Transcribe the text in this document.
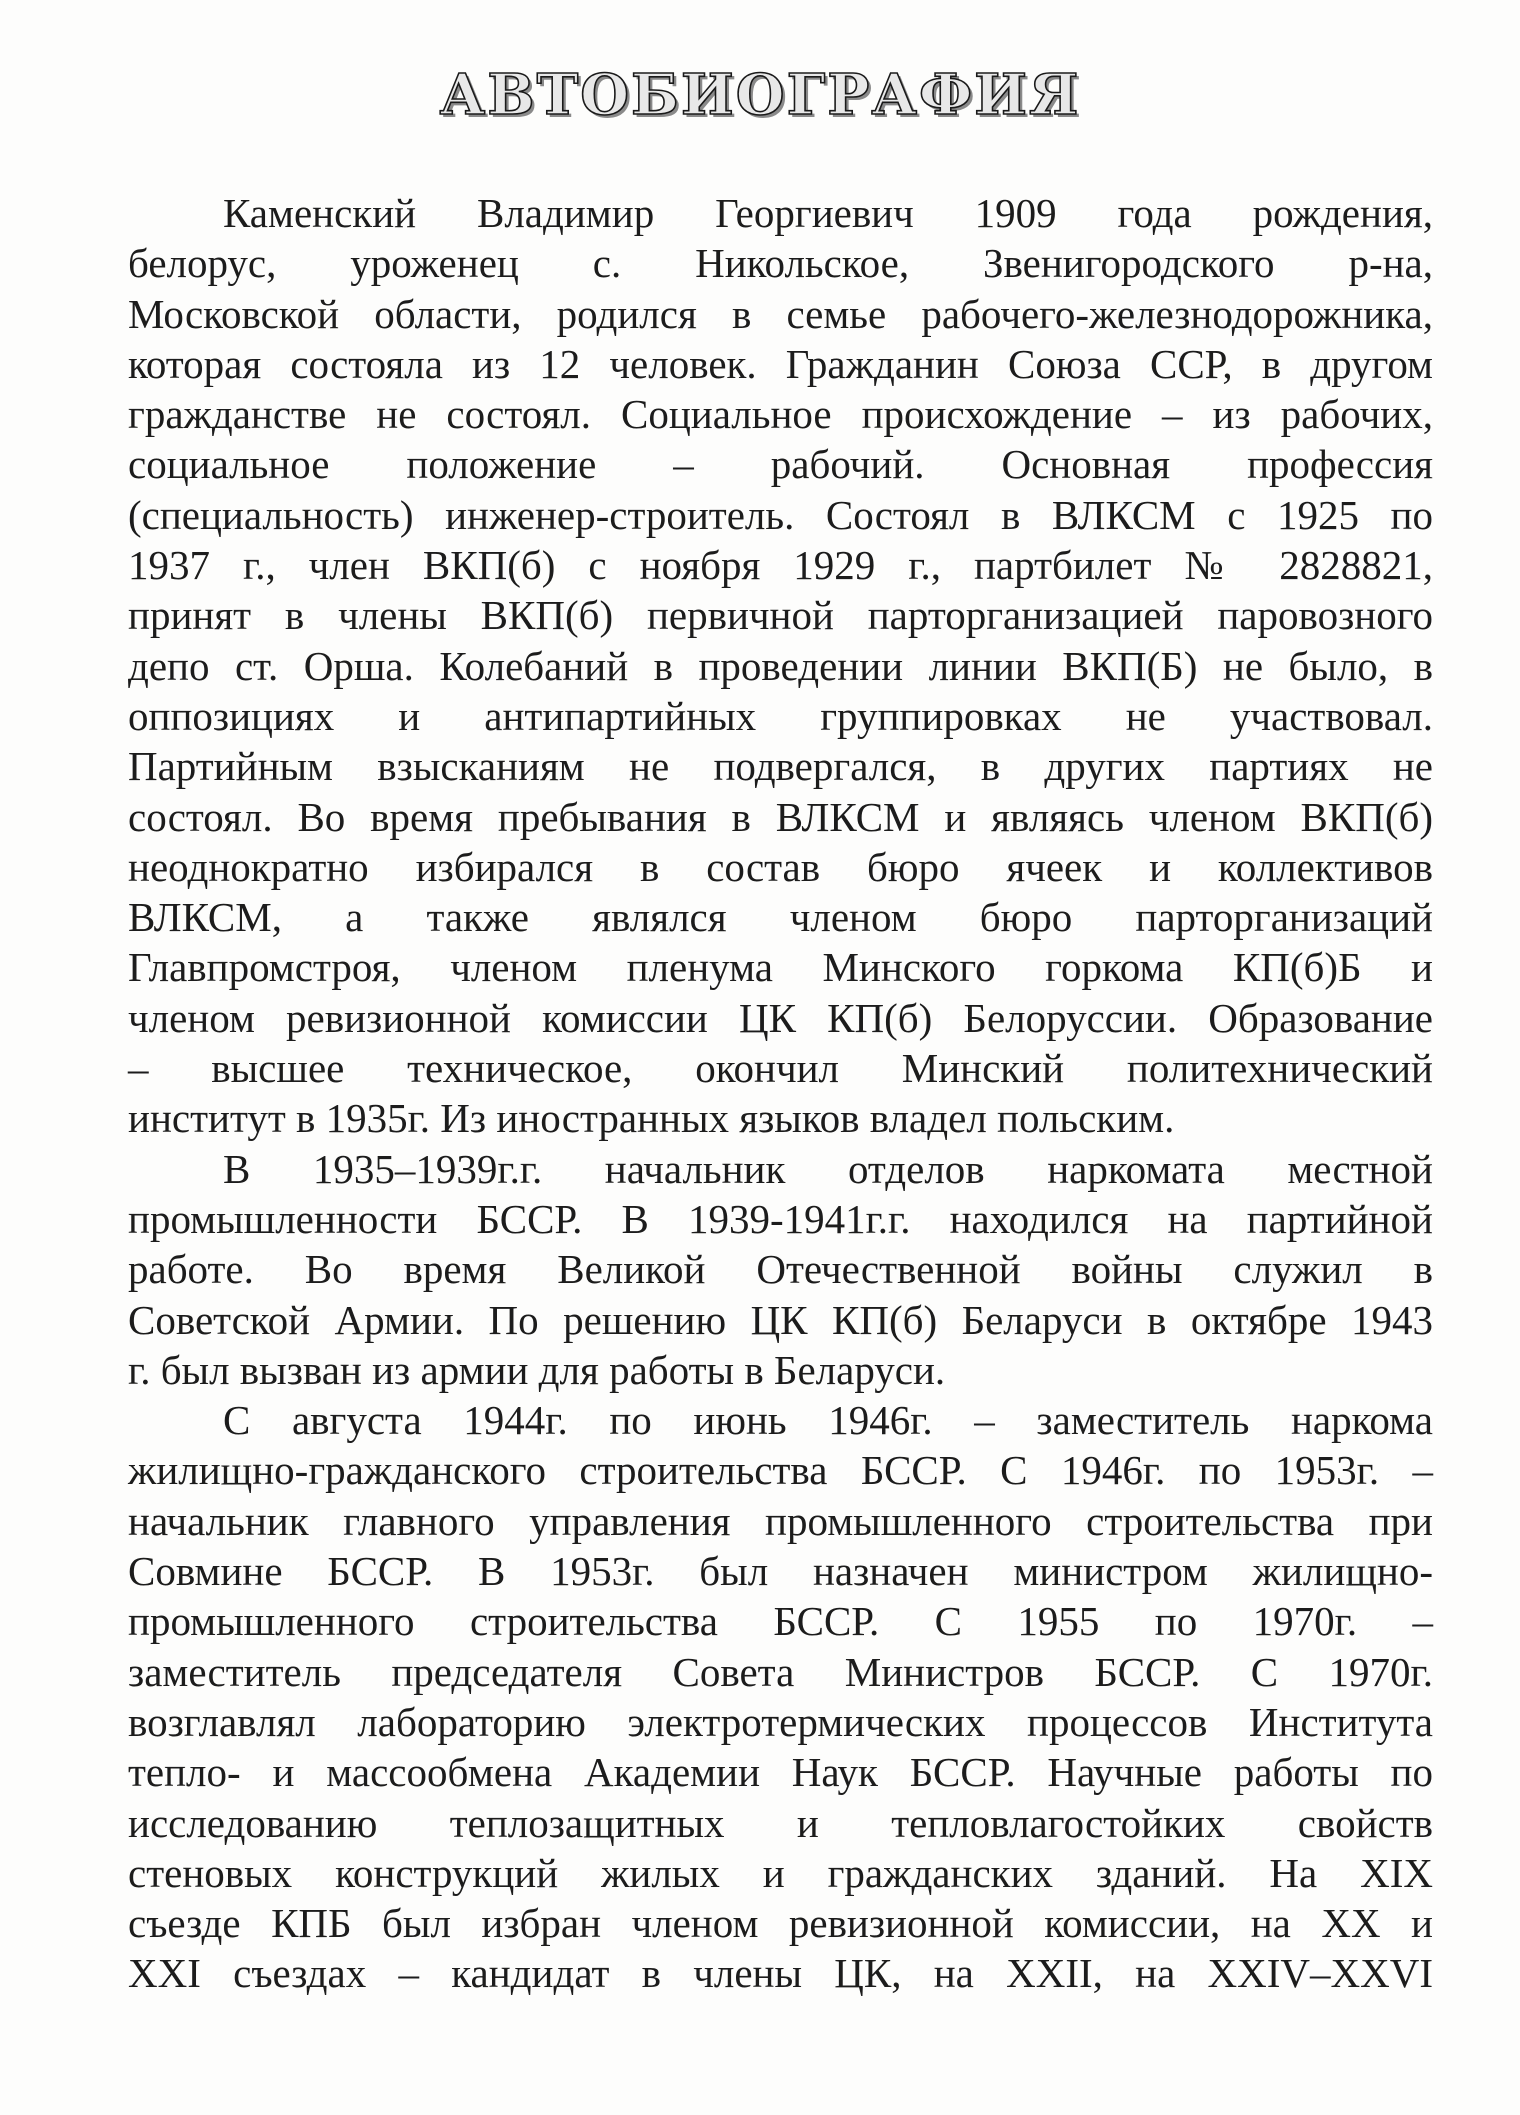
АВТОБИОГРАФИЯ
Каменский Владимир Георгиевич 1909 года рождения,
белорус, уроженец с. Никольское, Звенигородского р-на,
Московской области, родился в семье рабочего-железнодорожника,
которая состояла из 12 человек. Гражданин Союза ССР, в другом
гражданстве не состоял. Социальное происхождение – из рабочих,
социальное положение – рабочий. Основная профессия
(специальность) инженер-строитель. Состоял в ВЛКСМ с 1925 по
1937 г., член ВКП(б) с ноября 1929 г., партбилет № 2828821,
принят в члены ВКП(б) первичной парторганизацией паровозного
депо ст. Орша. Колебаний в проведении линии ВКП(Б) не было, в
оппозициях и антипартийных группировках не участвовал.
Партийным взысканиям не подвергался, в других партиях не
состоял. Во время пребывания в ВЛКСМ и являясь членом ВКП(б)
неоднократно избирался в состав бюро ячеек и коллективов
ВЛКСМ, а также являлся членом бюро парторганизаций
Главпромстроя, членом пленума Минского горкома КП(б)Б и
членом ревизионной комиссии ЦК КП(б) Белоруссии. Образование
– высшее техническое, окончил Минский политехнический
институт в 1935г. Из иностранных языков владел польским.
В 1935–1939г.г. начальник отделов наркомата местной
промышленности БССР. В 1939-1941г.г. находился на партийной
работе. Во время Великой Отечественной войны служил в
Советской Армии. По решению ЦК КП(б) Беларуси в октябре 1943
г. был вызван из армии для работы в Беларуси.
С августа 1944г. по июнь 1946г. – заместитель наркома
жилищно-гражданского строительства БССР. С 1946г. по 1953г. –
начальник главного управления промышленного строительства при
Совмине БССР. В 1953г. был назначен министром жилищно-
промышленного строительства БССР. С 1955 по 1970г. –
заместитель председателя Совета Министров БССР. С 1970г.
возглавлял лабораторию электротермических процессов Института
тепло- и массообмена Академии Наук БССР. Научные работы по
исследованию теплозащитных и тепловлагостойких свойств
стеновых конструкций жилых и гражданских зданий. На XIX
съезде КПБ был избран членом ревизионной комиссии, на XX и
XXI съездах – кандидат в члены ЦК, на XXII, на XXIV–XXVI
